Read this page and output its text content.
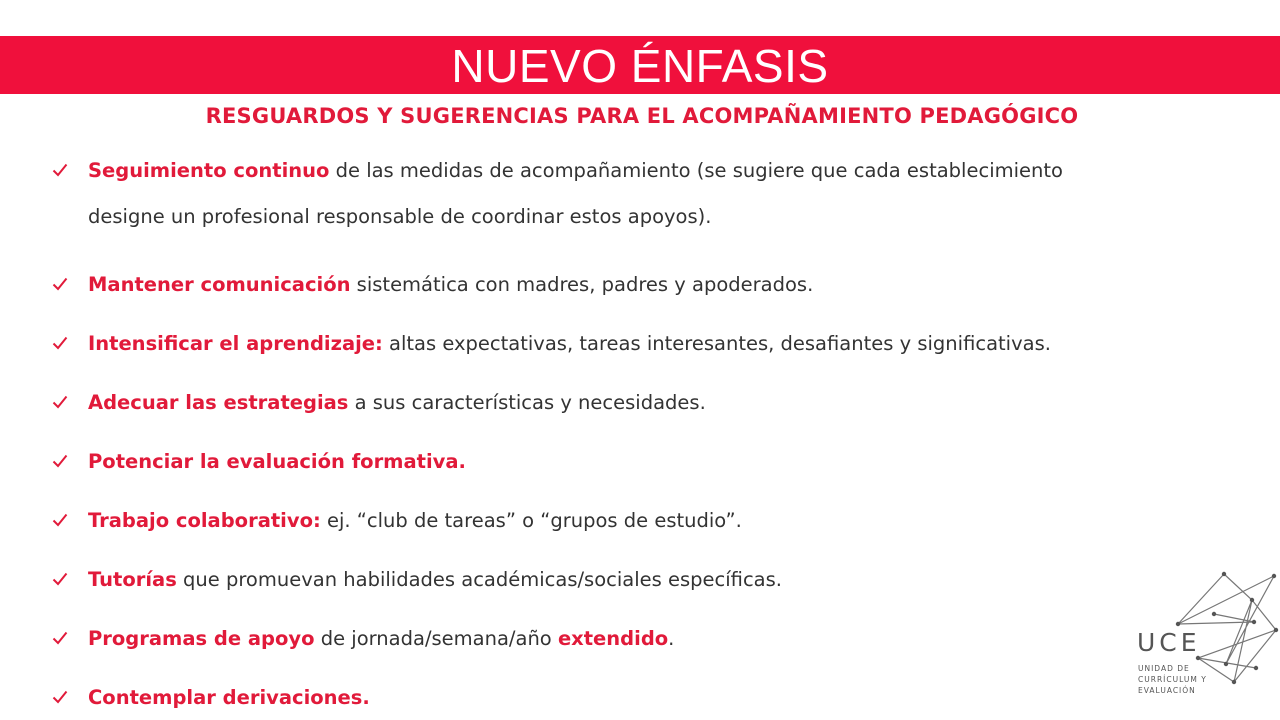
NUEVO ÉNFASIS
RESGUARDOS Y SUGERENCIAS PARA EL ACOMPAÑAMIENTO PEDAGÓGICO
Seguimiento continuo de las medidas de acompañamiento (se sugiere que cada establecimiento
designe un profesional responsable de coordinar estos apoyos).
Mantener comunicación sistemática con madres, padres y apoderados.
Intensificar el aprendizaje: altas expectativas, tareas interesantes, desafiantes y significativas.
Adecuar las estrategias a sus características y necesidades.
Potenciar la evaluación formativa.
Trabajo colaborativo: ej. “club de tareas” o “grupos de estudio”.
Tutorías que promuevan habilidades académicas/sociales específicas.
Programas de apoyo de jornada/semana/año extendido.
Contemplar derivaciones.
UCE
UNIDAD DE
CURRÍCULUM Y
EVALUACIÓN
